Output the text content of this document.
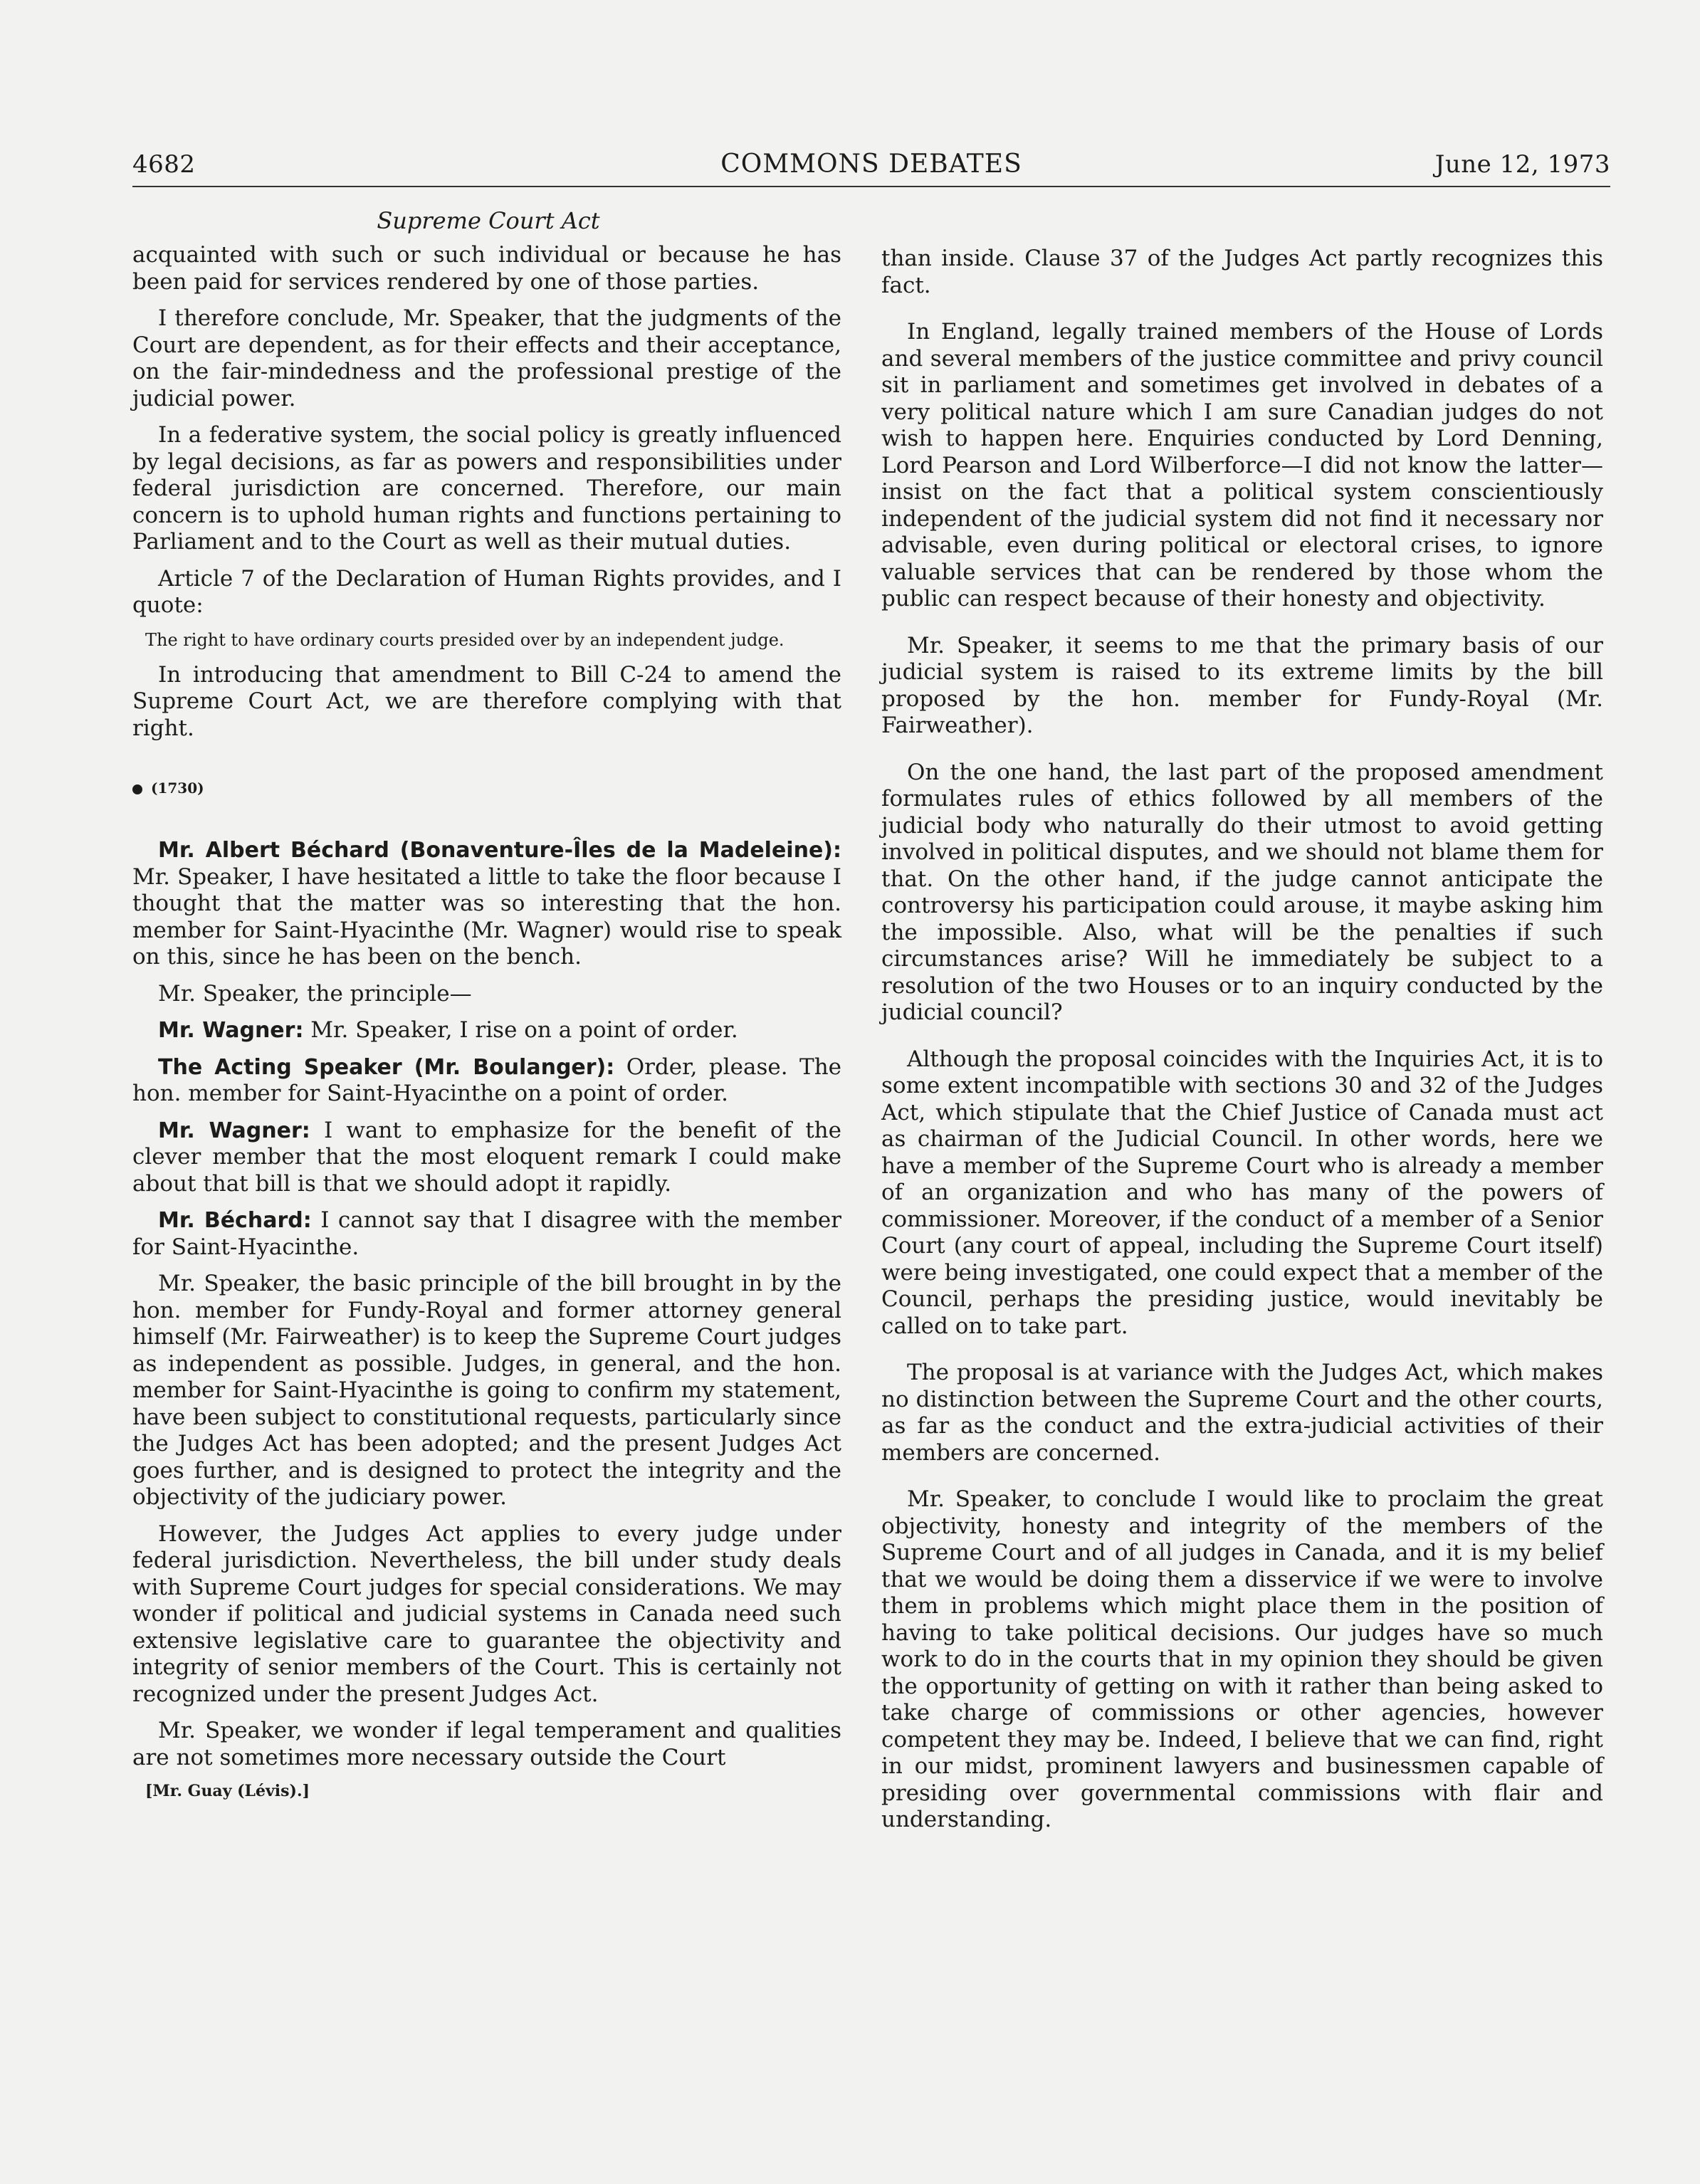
4682	COMMONS DEBATES	June 12, 1973
Supreme Court Act

acquainted with such or such individual or because he has been paid for services rendered by one of those parties.

I therefore conclude, Mr. Speaker, that the judgments of the Court are dependent, as for their effects and their acceptance, on the fair-mindedness and the professional prestige of the judicial power.

In a federative system, the social policy is greatly influenced by legal decisions, as far as powers and responsibilities under federal jurisdiction are concerned. Therefore, our main concern is to uphold human rights and functions pertaining to Parliament and to the Court as well as their mutual duties.

Article 7 of the Declaration of Human Rights provides, and I quote:

The right to have ordinary courts presided over by an independent judge.

In introducing that amendment to Bill C-24 to amend the Supreme Court Act, we are therefore complying with that right.

(1730)

Mr. Albert Béchard (Bonaventure-Îles de la Madeleine): Mr. Speaker, I have hesitated a little to take the floor because I thought that the matter was so interesting that the hon. member for Saint-Hyacinthe (Mr. Wagner) would rise to speak on this, since he has been on the bench.

Mr. Speaker, the principle—

Mr. Wagner: Mr. Speaker, I rise on a point of order.

The Acting Speaker (Mr. Boulanger): Order, please. The hon. member for Saint-Hyacinthe on a point of order.

Mr. Wagner: I want to emphasize for the benefit of the clever member that the most eloquent remark I could make about that bill is that we should adopt it rapidly.

Mr. Béchard: I cannot say that I disagree with the member for Saint-Hyacinthe.

Mr. Speaker, the basic principle of the bill brought in by the hon. member for Fundy-Royal and former attorney general himself (Mr. Fairweather) is to keep the Supreme Court judges as independent as possible. Judges, in general, and the hon. member for Saint-Hyacinthe is going to confirm my statement, have been subject to constitutional requests, particularly since the Judges Act has been adopted; and the present Judges Act goes further, and is designed to protect the integrity and the objectivity of the judiciary power.

However, the Judges Act applies to every judge under federal jurisdiction. Nevertheless, the bill under study deals with Supreme Court judges for special considerations. We may wonder if political and judicial systems in Canada need such extensive legislative care to guarantee the objectivity and integrity of senior members of the Court. This is certainly not recognized under the present Judges Act.

Mr. Speaker, we wonder if legal temperament and qualities are not sometimes more necessary outside the Court

[Mr. Guay (Lévis).]

than inside. Clause 37 of the Judges Act partly recognizes this fact.

In England, legally trained members of the House of Lords and several members of the justice committee and privy council sit in parliament and sometimes get involved in debates of a very political nature which I am sure Canadian judges do not wish to happen here. Enquiries conducted by Lord Denning, Lord Pearson and Lord Wilberforce—I did not know the latter—insist on the fact that a political system conscientiously independent of the judicial system did not find it necessary nor advisable, even during political or electoral crises, to ignore valuable services that can be rendered by those whom the public can respect because of their honesty and objectivity.

Mr. Speaker, it seems to me that the primary basis of our judicial system is raised to its extreme limits by the bill proposed by the hon. member for Fundy-Royal (Mr. Fairweather).

On the one hand, the last part of the proposed amendment formulates rules of ethics followed by all members of the judicial body who naturally do their utmost to avoid getting involved in political disputes, and we should not blame them for that. On the other hand, if the judge cannot anticipate the controversy his participation could arouse, it maybe asking him the impossible. Also, what will be the penalties if such circumstances arise? Will he immediately be subject to a resolution of the two Houses or to an inquiry conducted by the judicial council?

Although the proposal coincides with the Inquiries Act, it is to some extent incompatible with sections 30 and 32 of the Judges Act, which stipulate that the Chief Justice of Canada must act as chairman of the Judicial Council. In other words, here we have a member of the Supreme Court who is already a member of an organization and who has many of the powers of commissioner. Moreover, if the conduct of a member of a Senior Court (any court of appeal, including the Supreme Court itself) were being investigated, one could expect that a member of the Council, perhaps the presiding justice, would inevitably be called on to take part.

The proposal is at variance with the Judges Act, which makes no distinction between the Supreme Court and the other courts, as far as the conduct and the extra-judicial activities of their members are concerned.

Mr. Speaker, to conclude I would like to proclaim the great objectivity, honesty and integrity of the members of the Supreme Court and of all judges in Canada, and it is my belief that we would be doing them a disservice if we were to involve them in problems which might place them in the position of having to take political decisions. Our judges have so much work to do in the courts that in my opinion they should be given the opportunity of getting on with it rather than being asked to take charge of commissions or other agencies, however competent they may be. Indeed, I believe that we can find, right in our midst, prominent lawyers and businessmen capable of presiding over governmental commissions with flair and understanding.
